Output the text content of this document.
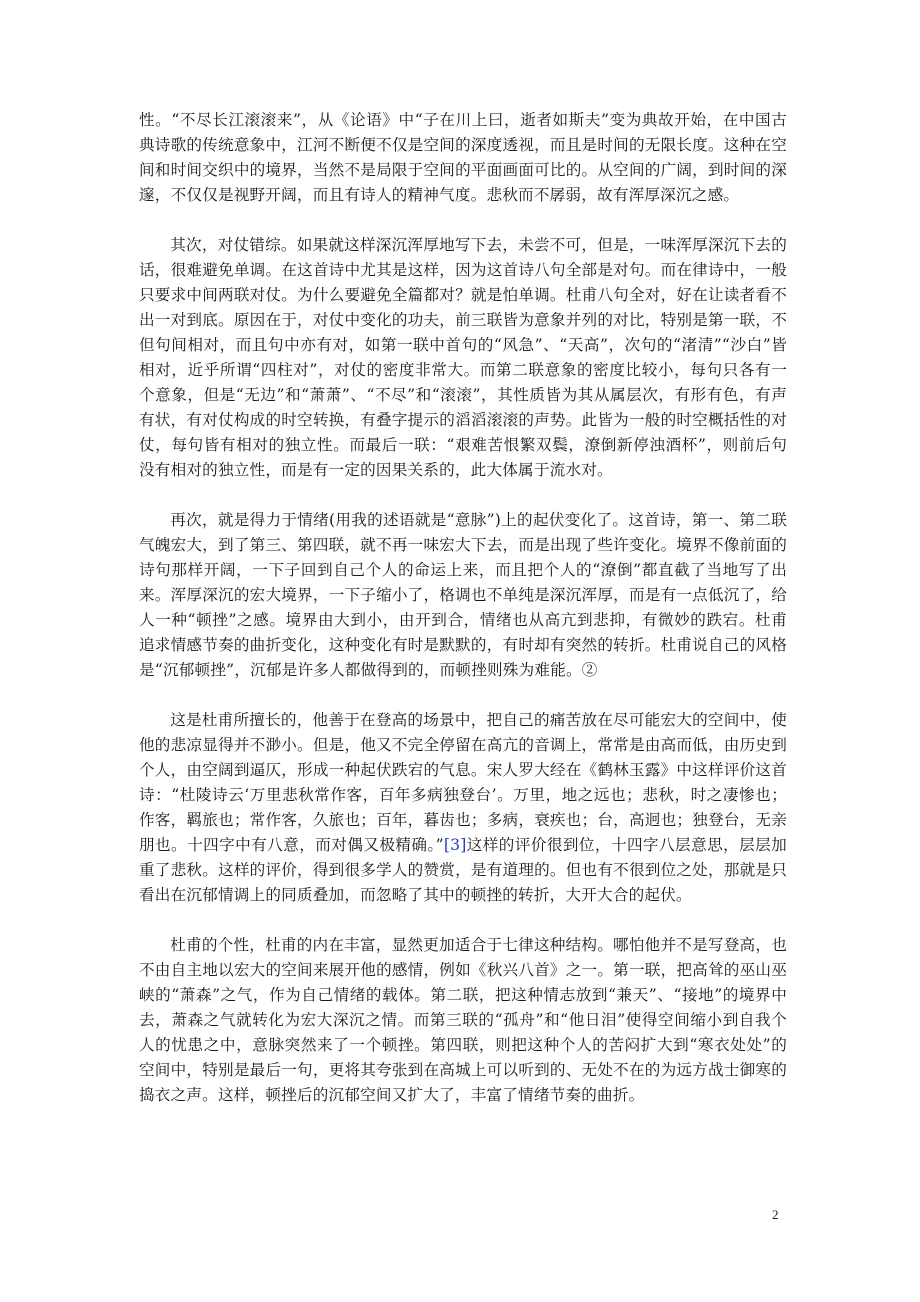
性。“不尽长江滚滚来”，从《论语》中“子在川上曰，逝者如斯夫”变为典故开始，在中国古典诗歌的传统意象中，江河不断便不仅是空间的深度透视，而且是时间的无限长度。这种在空间和时间交织中的境界，当然不是局限于空间的平面画面可比的。从空间的广阔，到时间的深邃，不仅仅是视野开阔，而且有诗人的精神气度。悲秋而不孱弱，故有浑厚深沉之感。

其次，对仗错综。如果就这样深沉浑厚地写下去，未尝不可，但是，一味浑厚深沉下去的话，很难避免单调。在这首诗中尤其是这样，因为这首诗八句全部是对句。而在律诗中，一般只要求中间两联对仗。为什么要避免全篇都对？就是怕单调。杜甫八句全对，好在让读者看不出一对到底。原因在于，对仗中变化的功夫，前三联皆为意象并列的对比，特别是第一联，不但句间相对，而且句中亦有对，如第一联中首句的“风急”、“天高”，次句的“渚清”“沙白”皆相对，近乎所谓“四柱对”，对仗的密度非常大。而第二联意象的密度比较小，每句只各有一个意象，但是“无边”和“萧萧”、“不尽”和“滚滚”，其性质皆为其从属层次，有形有色，有声有状，有对仗构成的时空转换，有叠字提示的滔滔滚滚的声势。此皆为一般的时空概括性的对仗，每句皆有相对的独立性。而最后一联：“艰难苦恨繁双鬓，潦倒新停浊酒杯”，则前后句没有相对的独立性，而是有一定的因果关系的，此大体属于流水对。

再次，就是得力于情绪(用我的述语就是“意脉”)上的起伏变化了。这首诗，第一、第二联气魄宏大，到了第三、第四联，就不再一味宏大下去，而是出现了些许变化。境界不像前面的诗句那样开阔，一下子回到自己个人的命运上来，而且把个人的“潦倒”都直截了当地写了出来。浑厚深沉的宏大境界，一下子缩小了，格调也不单纯是深沉浑厚，而是有一点低沉了，给人一种“顿挫”之感。境界由大到小，由开到合，情绪也从高亢到悲抑，有微妙的跌宕。杜甫追求情感节奏的曲折变化，这种变化有时是默默的，有时却有突然的转折。杜甫说自己的风格是“沉郁顿挫”，沉郁是许多人都做得到的，而顿挫则殊为难能。②

这是杜甫所擅长的，他善于在登高的场景中，把自己的痛苦放在尽可能宏大的空间中，使他的悲凉显得并不渺小。但是，他又不完全停留在高亢的音调上，常常是由高而低，由历史到个人，由空阔到逼仄，形成一种起伏跌宕的气息。宋人罗大经在《鹤林玉露》中这样评价这首诗：“杜陵诗云‘万里悲秋常作客，百年多病独登台’。万里，地之远也；悲秋，时之凄惨也；作客，羁旅也；常作客，久旅也；百年，暮齿也；多病，衰疾也；台，高迥也；独登台，无亲朋也。十四字中有八意，而对偶又极精确。”[3]这样的评价很到位，十四字八层意思，层层加重了悲秋。这样的评价，得到很多学人的赞赏，是有道理的。但也有不很到位之处，那就是只看出在沉郁情调上的同质叠加，而忽略了其中的顿挫的转折，大开大合的起伏。

杜甫的个性，杜甫的内在丰富，显然更加适合于七律这种结构。哪怕他并不是写登高，也不由自主地以宏大的空间来展开他的感情，例如《秋兴八首》之一。第一联，把高耸的巫山巫峡的“萧森”之气，作为自己情绪的载体。第二联，把这种情志放到“兼天”、“接地”的境界中去，萧森之气就转化为宏大深沉之情。而第三联的“孤舟”和“他日泪”使得空间缩小到自我个人的忧患之中，意脉突然来了一个顿挫。第四联，则把这种个人的苦闷扩大到“寒衣处处”的空间中，特别是最后一句，更将其夸张到在高城上可以听到的、无处不在的为远方战士御寒的捣衣之声。这样，顿挫后的沉郁空间又扩大了，丰富了情绪节奏的曲折。

2
